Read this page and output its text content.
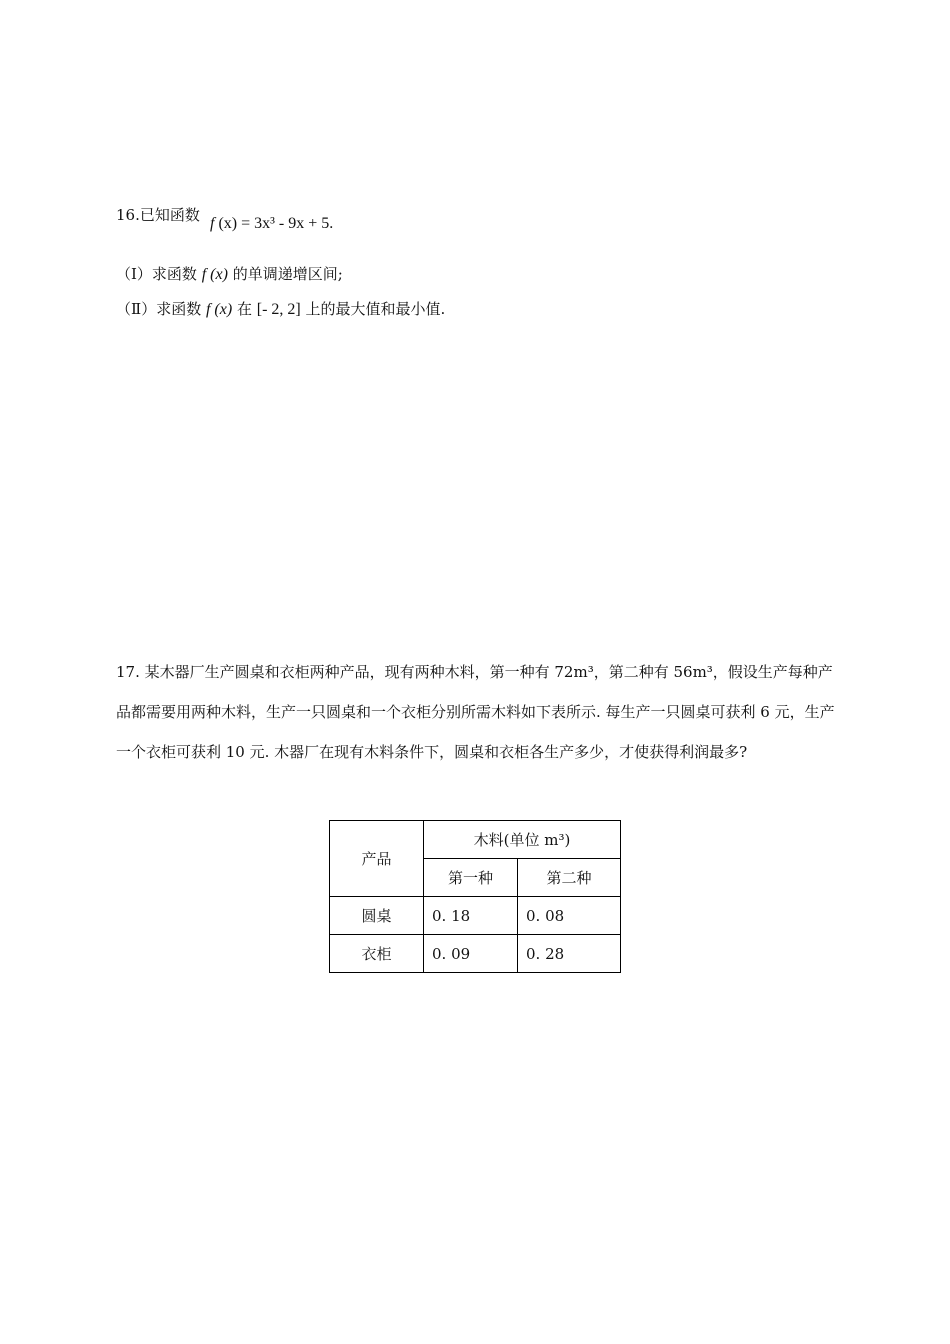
16.已知函数 f (x) = 3x³ - 9x + 5.
（Ⅰ）求函数 f (x) 的单调递增区间;
（Ⅱ）求函数 f (x) 在 [- 2, 2] 上的最大值和最小值.
17. 某木器厂生产圆桌和衣柜两种产品，现有两种木料，第一种有 72m³，第二种有 56m³，假设生产每种产品都需要用两种木料，生产一只圆桌和一个衣柜分别所需木料如下表所示. 每生产一只圆桌可获利 6 元，生产一个衣柜可获利 10 元. 木器厂在现有木料条件下，圆桌和衣柜各生产多少，才使获得利润最多?
产品	木料(单位 m³)	
	第一种	第二种
圆桌	0. 18	0. 08
衣柜	0. 09	0. 28
